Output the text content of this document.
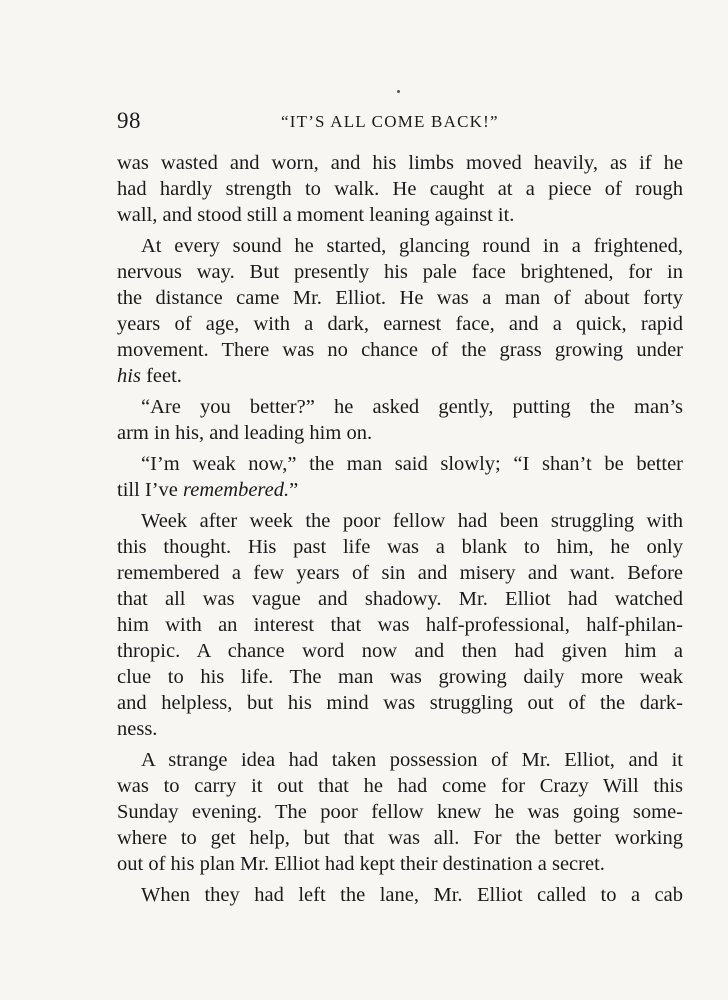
98	“IT’S ALL COME BACK!”
was wasted and worn, and his limbs moved heavily, as if he
had hardly strength to walk. He caught at a piece of rough
wall, and stood still a moment leaning against it.
At every sound he started, glancing round in a frightened,
nervous way. But presently his pale face brightened, for in
the distance came Mr. Elliot. He was a man of about forty
years of age, with a dark, earnest face, and a quick, rapid
movement. There was no chance of the grass growing under
his feet.
“Are you better?” he asked gently, putting the man’s
arm in his, and leading him on.
“I’m weak now,” the man said slowly; “I shan’t be better
till I’ve remembered.”
Week after week the poor fellow had been struggling with
this thought. His past life was a blank to him, he only
remembered a few years of sin and misery and want. Before
that all was vague and shadowy. Mr. Elliot had watched
him with an interest that was half-professional, half-philan-
thropic. A chance word now and then had given him a
clue to his life. The man was growing daily more weak
and helpless, but his mind was struggling out of the dark-
ness.
A strange idea had taken possession of Mr. Elliot, and it
was to carry it out that he had come for Crazy Will this
Sunday evening. The poor fellow knew he was going some-
where to get help, but that was all. For the better working
out of his plan Mr. Elliot had kept their destination a secret.
When they had left the lane, Mr. Elliot called to a cab
